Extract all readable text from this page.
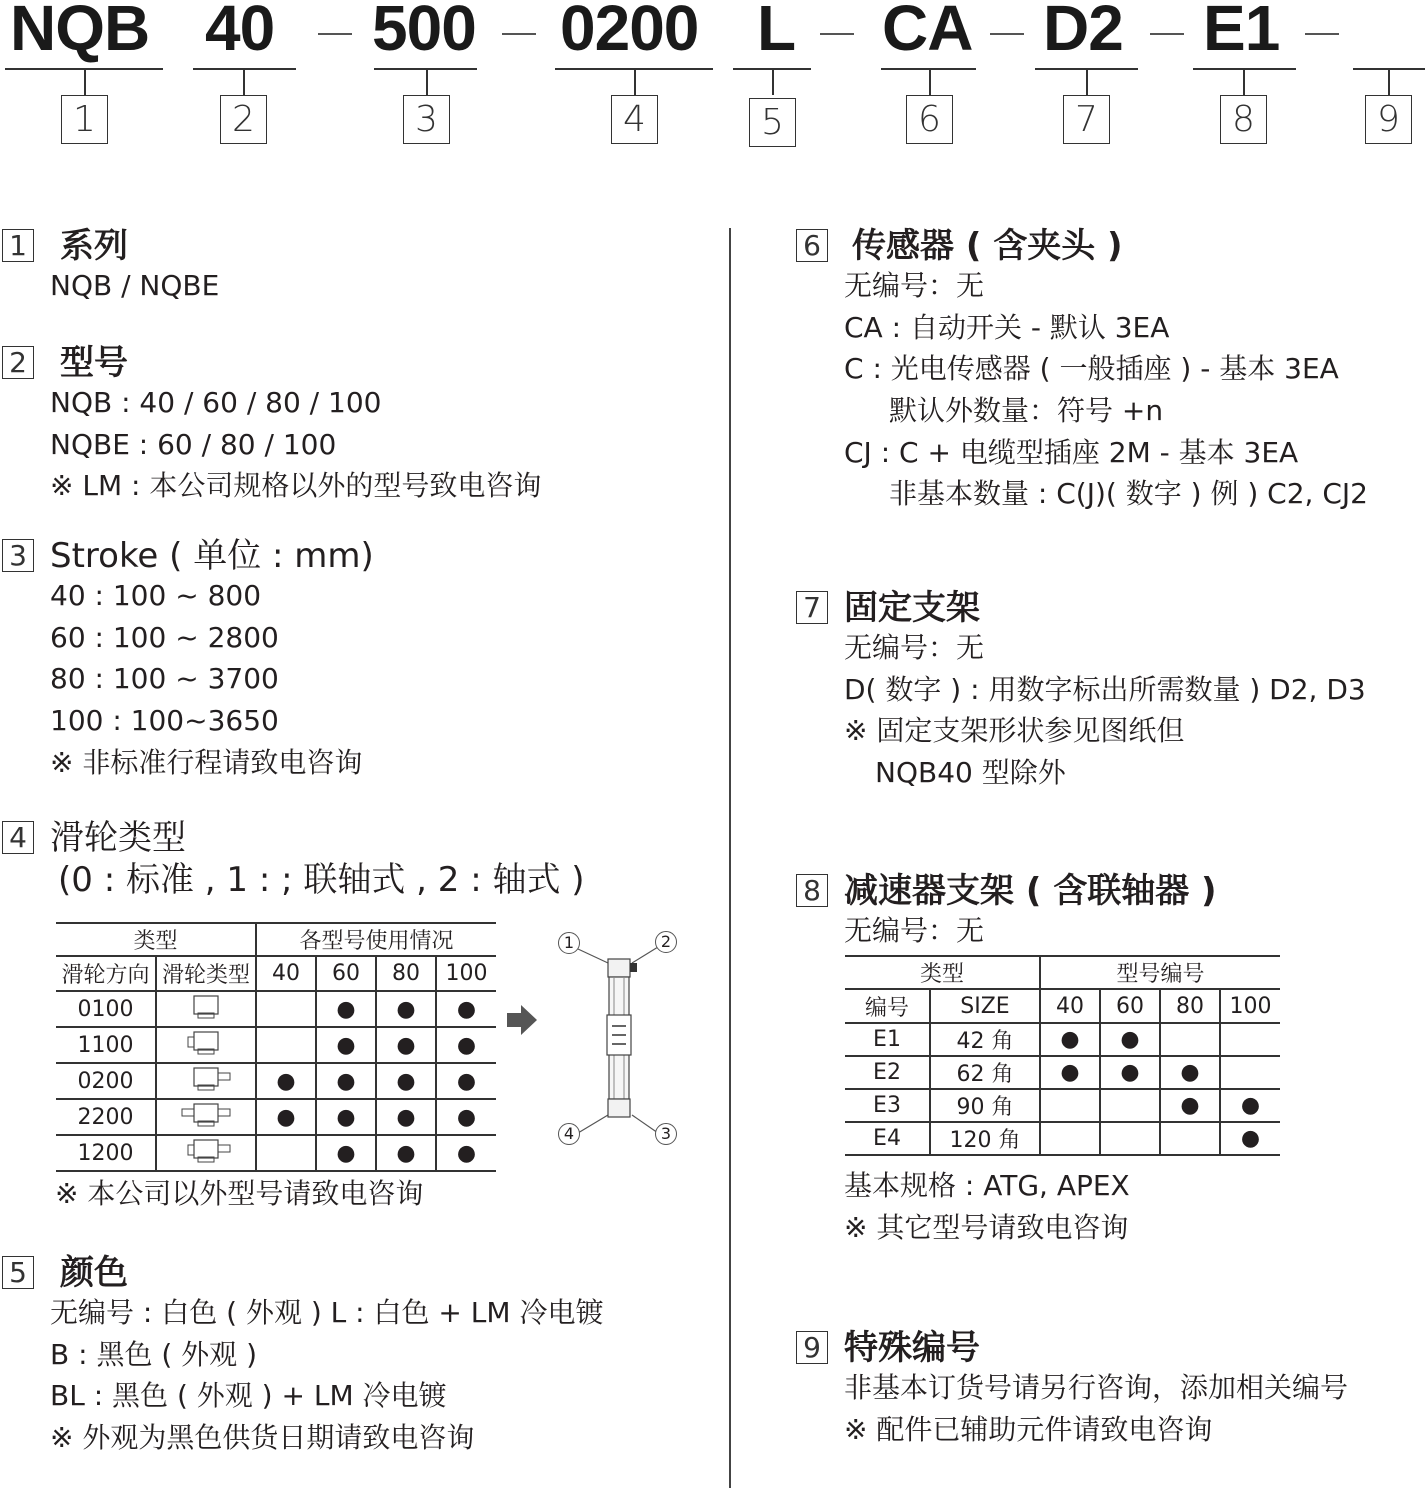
NQB 40 500 0200 L CA D2 E1
1	2	3	4	5	6	7	8	9
1 系列
NQB / NQBE
2 型号
NQB : 40 / 60 / 80 / 100
NQBE : 60 / 80 / 100
※ LM : 本公司规格以外的型号致电咨询
3 Stroke ( 单位 : mm)
40 : 100 ~ 800
60 : 100 ~ 2800
80 : 100 ~ 3700
100 : 100~3650
※ 非标准行程请致电咨询
4 滑轮类型
(0 : 标准 , 1 : ; 联轴式 , 2 : 轴式 )
类型		各型号使用情况			
滑轮方向	滑轮类型	40	60	80	100
0100			●	●	●
1100			●	●	●
0200		●	●	●	●
2200		●	●	●	●
1200			●	●	●
1	2
3
4
※ 本公司以外型号请致电咨询
5 颜色
无编号 : 白色 ( 外观 ) L : 白色 + LM 冷电镀
B : 黑色 ( 外观 )
BL : 黑色 ( 外观 ) + LM 冷电镀
※ 外观为黑色供货日期请致电咨询
6 传感器 ( 含夹头 )
无编号：无
CA : 自动开关 - 默认 3EA
C : 光电传感器 ( 一般插座 ) - 基本 3EA
默认外数量：符号 +n
CJ : C + 电缆型插座 2M - 基本 3EA
非基本数量 : C(J)( 数字 ) 例 ) C2, CJ2
7 固定支架
无编号：无
D( 数字 ) : 用数字标出所需数量 ) D2, D3
※ 固定支架形状参见图纸但
NQB40 型除外
8 减速器支架 ( 含联轴器 )
无编号：无
类型		型号编号			
编号	SIZE	40	60	80	100
E1	42 角	●	●		
E2	62 角	●	●	●	
E3	90 角			●	●
E4	120 角				●
基本规格 : ATG, APEX
※ 其它型号请致电咨询
9 特殊编号
非基本订货号请另行咨询，添加相关编号
※ 配件已辅助元件请致电咨询
